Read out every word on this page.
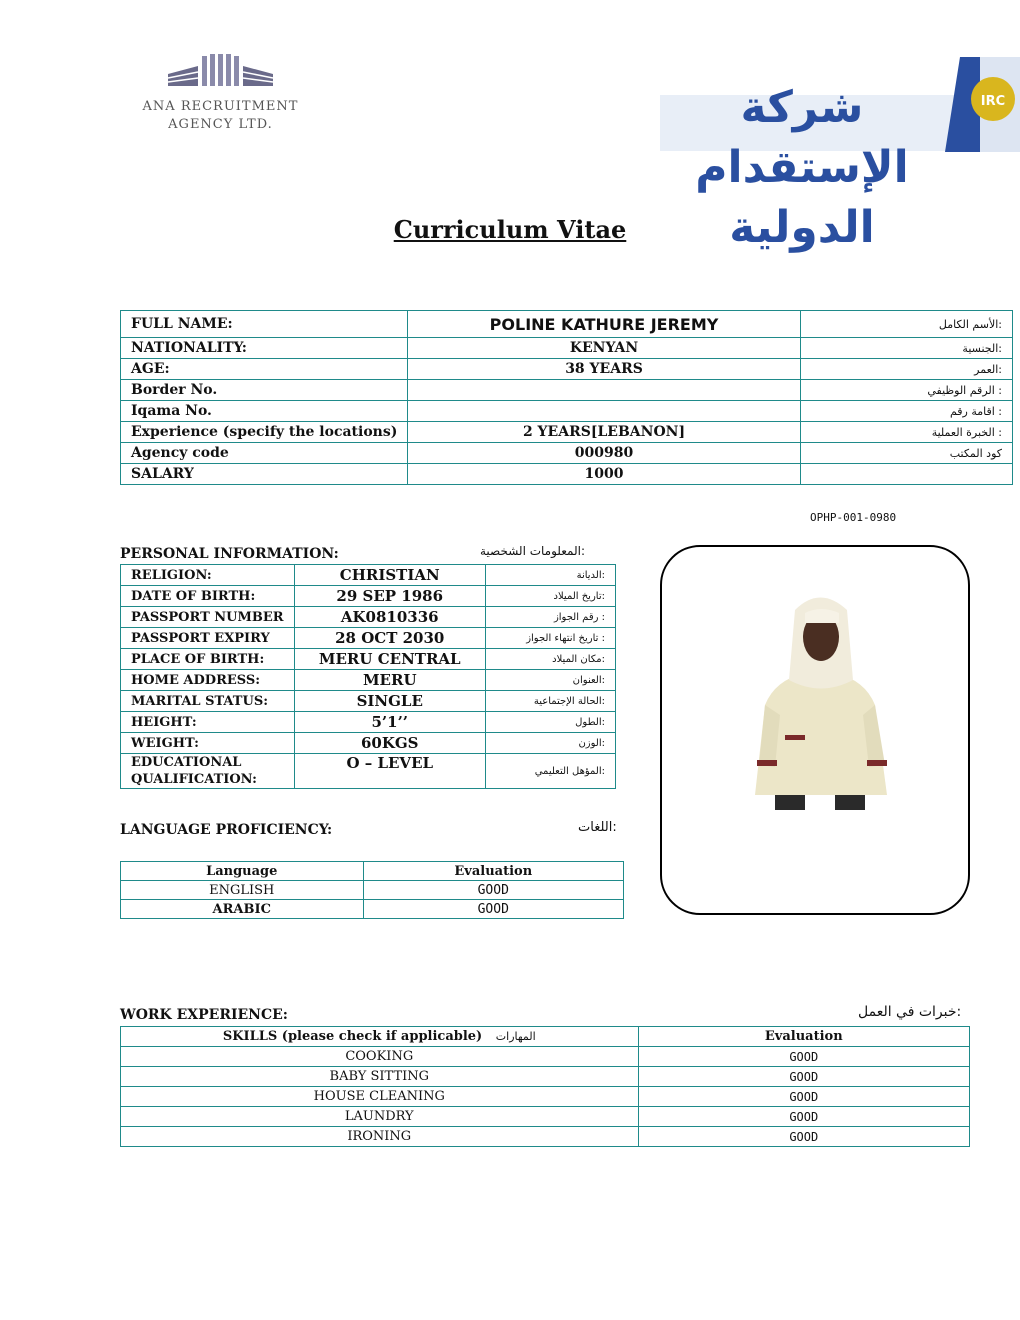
ANA RECRUITMENT
AGENCY LTD.
IRC
شركة الإستقدام الدولية
Curriculum Vitae
FULL NAME:	POLINE KATHURE JEREMY	:الأسم الكامل
NATIONALITY:	KENYAN	:الجنسية
AGE:	38 YEARS	:العمر
Border No.		: الرقم الوظيفي
Iqama No.		: اقامة رقم
Experience (specify the locations)	2 YEARS[LEBANON]	: الخبرة العملية
Agency code	000980	كود المكتب
SALARY	1000	
OPHP-001-0980
PERSONAL INFORMATION:	:المعلومات الشخصية
RELIGION:	CHRISTIAN	:الديانة
DATE OF BIRTH:	29 SEP 1986	:تاريخ الميلاد
PASSPORT NUMBER	AK0810336	: رقم الجواز
PASSPORT EXPIRY	28 OCT 2030	: تاريخ انتهاء الجواز
PLACE OF BIRTH:	MERU CENTRAL	:مكان الميلاد
HOME ADDRESS:	MERU	:العنوان
MARITAL STATUS:	SINGLE	:الحالة الإجتماعية
HEIGHT:	5’1’’	:الطول
WEIGHT:	60KGS	:الوزن
EDUCATIONAL QUALIFICATION:	O – LEVEL	:المؤهل التعليمي
LANGUAGE PROFICIENCY:	:اللغات
Language	Evaluation
ENGLISH	GOOD
ARABIC	GOOD
WORK EXPERIENCE:	:خبرات في العمل
SKILLS (please check if applicable) المهارات	Evaluation
COOKING	GOOD
BABY SITTING	GOOD
HOUSE CLEANING	GOOD
LAUNDRY	GOOD
IRONING	GOOD
